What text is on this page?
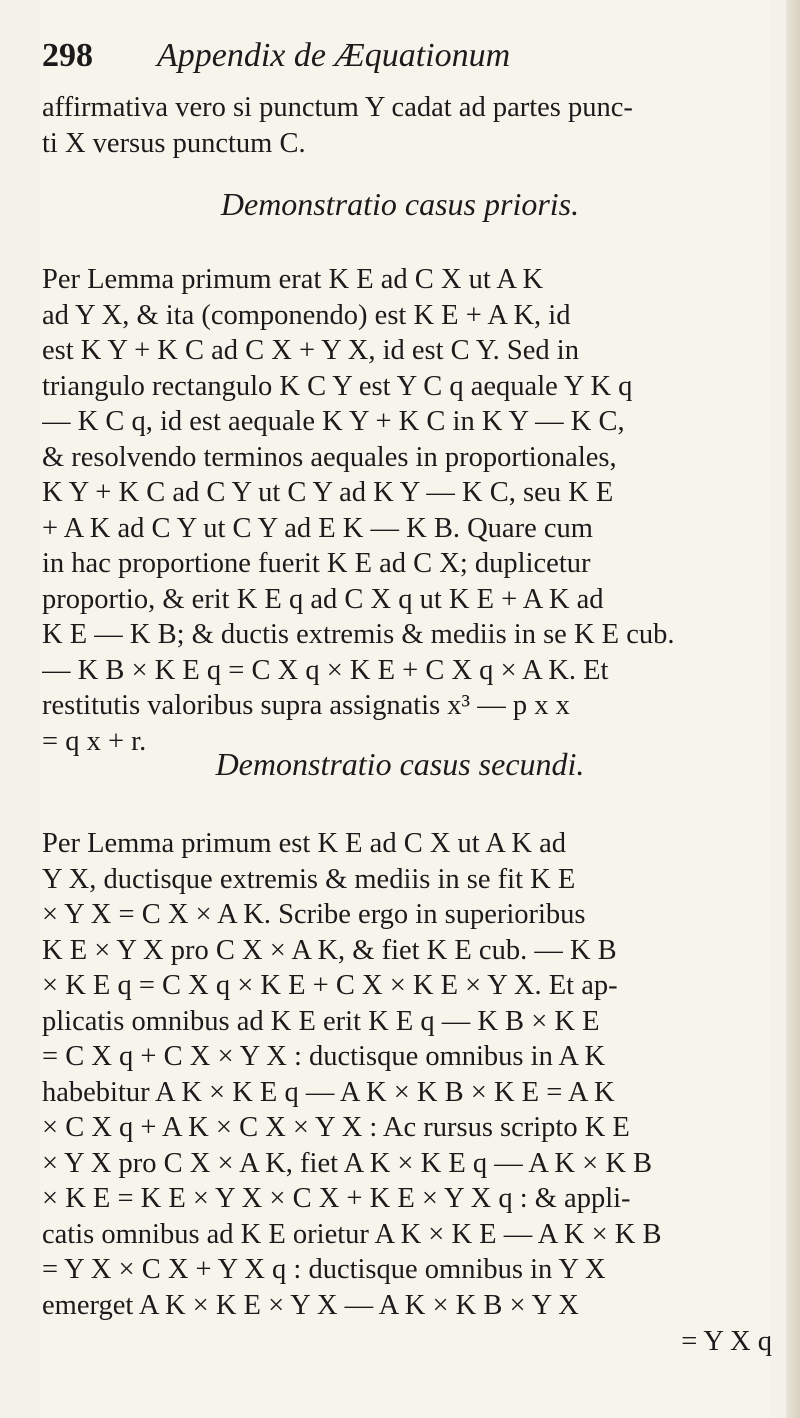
298 Appendix de Æquationum
affirmativa vero si punctum Y cadat ad partes punc-
ti X versus punctum C.
Demonstratio casus prioris.
Per Lemma primum erat K E ad C X ut A K
ad Y X, & ita (componendo) est K E + A K, id
est K Y + K C ad C X + Y X, id est C Y. Sed in
triangulo rectangulo K C Y est Y C q aequale Y K q
— K C q, id est aequale K Y + K C in K Y — K C,
& resolvendo terminos aequales in proportionales,
K Y + K C ad C Y ut C Y ad K Y — K C, seu K E
+ A K ad C Y ut C Y ad E K — K B. Quare cum
in hac proportione fuerit K E ad C X; duplicetur
proportio, & erit K E q ad C X q ut K E + A K ad
K E — K B; & ductis extremis & mediis in se K E cub.
— K B × K E q = C X q × K E + C X q × A K. Et
restitutis valoribus supra assignatis x³ — p x x
= q x + r.
Demonstratio casus secundi.
Per Lemma primum est K E ad C X ut A K ad
Y X, ductisque extremis & mediis in se fit K E
× Y X = C X × A K. Scribe ergo in superioribus
K E × Y X pro C X × A K, & fiet K E cub. — K B
× K E q = C X q × K E + C X × K E × Y X. Et ap-
plicatis omnibus ad K E erit K E q — K B × K E
= C X q + C X × Y X : ductisque omnibus in A K
habebitur A K × K E q — A K × K B × K E = A K
× C X q + A K × C X × Y X : Ac rursus scripto K E
× Y X pro C X × A K, fiet A K × K E q — A K × K B
× K E = K E × Y X × C X + K E × Y X q : & appli-
catis omnibus ad K E orietur A K × K E — A K × K B
= Y X × C X + Y X q : ductisque omnibus in Y X
emerget A K × K E × Y X — A K × K B × Y X
= Y X q
